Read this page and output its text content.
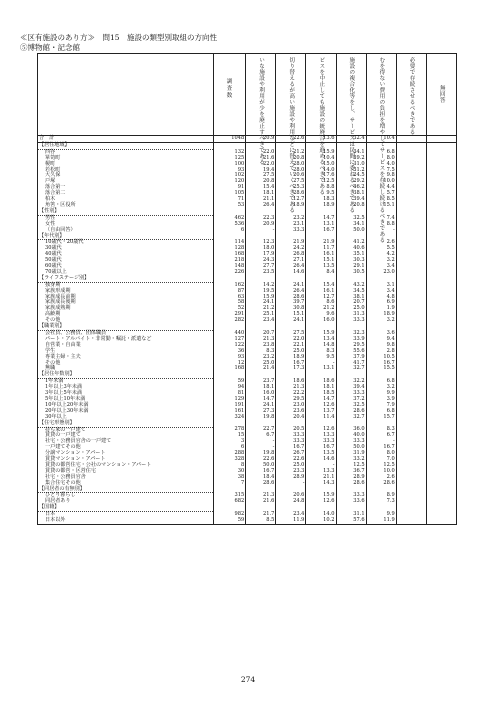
≪区有施設のあり方≫　問15　施設の類型別取組の方向性
⑤博物館・記念館

	調査数	いな施設や利用が少を廃止すべきである	切り替えるが高い施設や利用などに替えていくべきである	ビスを中止しても施設の統廃合を進めるべきである	施設の複合化等をし、サービスは民間に委ねるべきである	むを得ない費用の負担を増やしてサービスを存続し続けるべきである	必要で存続させるべきである	無回答

合　計	1048	20.9	22.6	13.6	32.4	10.4		
【居住地域】								
四谷	132	22.0	21.2	15.9	34.1	6.8		
箪笥町	125	21.6	20.8	10.4	39.2	8.0		
榎町	100	22.0	28.0	15.0	31.0	4.0		
若松町	93	19.4	28.0	14.0	31.2	7.5		
大久保	102	27.5	20.6	17.6	24.5	9.8		
戸塚	120	20.8	27.5	12.5	29.2	10.0		
落合第一	91	15.4	25.3	8.8	46.2	4.4		
落合第二	105	18.1	28.6	9.5	38.1	5.7		
柏木	71	21.1	12.7	18.3	39.4	8.5		
角筈・区役所	53	26.4	18.9	18.9	20.8	15.1		
【性別】								
男性	462	22.3	23.2	14.7	32.5	7.4		
女性	536	20.9	23.1	13.1	34.1	8.8		
（自由回答）	6	-	33.3	16.7	50.0	-		
【年代別】								
10歳代・20歳代	114	12.3	21.9	21.9	41.2	2.6		
30歳代	128	18.0	24.2	11.7	40.6	5.5		
40歳代	168	17.9	26.8	16.1	35.1	4.2		
50歳代	218	24.3	27.1	15.1	30.3	3.2		
60歳代	148	27.7	26.4	13.5	29.1	3.4		
70歳以上	226	23.5	14.6	8.4	30.5	23.0		
【ライフステージ別】								
独身期	162	14.2	24.1	15.4	43.2	3.1		
家族形成期	87	19.5	26.4	16.1	34.5	3.4		
家族成長前期	63	15.9	28.6	12.7	38.1	4.8		
家族成長後期	58	24.1	39.7	8.6	20.7	6.9		
家族成熟期	52	21.2	30.8	21.2	25.0	1.9		
高齢期	291	25.1	15.1	9.6	31.3	18.9		
その他	282	23.4	24.1	16.0	33.3	3.2		
【職業別】								
会社員、公務員、団体職員	440	20.7	27.5	15.9	32.3	3.6		
パート・アルバイト・非常勤・嘱託・派遣など	127	21.3	22.0	13.4	33.9	9.4		
自営業・自由業	122	23.8	22.1	14.8	29.5	9.8		
学生	36	8.3	25.0	8.3	55.6	2.8		
専業主婦・主夫	93	23.2	18.9	9.5	37.9	10.5		
その他	12	25.0	16.7	-	41.7	16.7		
無職	168	21.4	17.3	13.1	32.7	15.5		
【居住年数別】								
1年未満	59	23.7	18.6	18.6	32.2	6.8		
1年以上3年未満	94	18.1	21.3	18.1	39.4	3.2		
3年以上5年未満	81	16.0	22.2	18.5	33.3	9.9		
5年以上10年未満	129	14.7	29.5	14.7	37.2	3.9		
10年以上20年未満	191	24.1	23.0	12.6	32.5	7.9		
20年以上30年未満	161	27.3	23.6	13.7	28.6	6.8		
30年以上	324	19.8	20.4	11.4	32.7	15.7		
【住宅形態別】								
持ち家の一戸建て	278	22.7	20.5	12.6	36.0	8.3		
賃貸の一戸建て	15	6.7	33.3	13.3	40.0	6.7		
社宅・公務員官舎の一戸建て	3	-	33.3	33.3	33.3	-		
一戸建てその他	6	-	16.7	16.7	50.0	16.7		
分譲マンション・アパート	288	19.8	26.7	13.5	31.9	8.0		
賃貸マンション・アパート	328	22.6	22.6	14.6	33.2	7.0		
賃貸の都営住宅・公社のマンション・アパート	8	50.0	25.0	-	12.5	12.5		
賃貸の都営・区営住宅	30	16.7	23.3	13.3	36.7	10.0		
社宅・公務員官舎	38	18.4	28.9	21.1	28.9	2.6		
集合住宅その他	7	28.6	-	14.3	28.6	28.6		
【同居者の有無別】								
ひとり暮らし	315	21.3	20.6	15.9	33.3	8.9		
同居者あり	682	21.6	24.8	12.6	33.6	7.3		
【国籍】								
日本	982	21.7	23.4	14.0	31.1	9.9		
日本以外	59	8.5	11.9	10.2	57.6	11.9		
274
